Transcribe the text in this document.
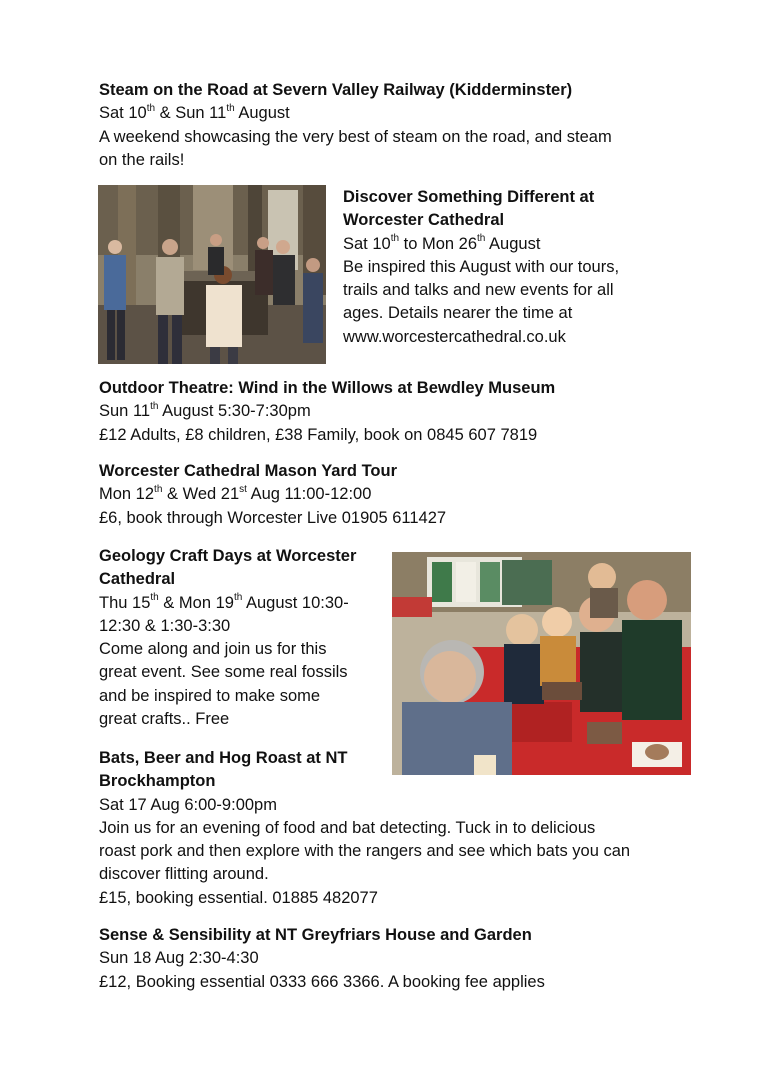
Steam on the Road at Severn Valley Railway (Kidderminster)
Sat 10th & Sun 11th August
A weekend showcasing the very best of steam on the road, and steam
on the rails!
Discover Something Different at
Worcester Cathedral
Sat 10th to Mon 26th August
Be inspired this August with our tours,
trails and talks and new events for all
ages. Details nearer the time at
www.worcestercathedral.co.uk
Outdoor Theatre: Wind in the Willows at Bewdley Museum
Sun 11th August 5:30-7:30pm
£12 Adults, £8 children, £38 Family, book on 0845 607 7819
Worcester Cathedral Mason Yard Tour
Mon 12th & Wed 21st Aug 11:00-12:00
£6, book through Worcester Live 01905 611427
Geology Craft Days at Worcester
Cathedral
Thu 15th & Mon 19th August 10:30-
12:30 & 1:30-3:30
Come along and join us for this
great event. See some real fossils
and be inspired to make some
great crafts.. Free
Bats, Beer and Hog Roast at NT
Brockhampton
Sat 17 Aug 6:00-9:00pm
Join us for an evening of food and bat detecting. Tuck in to delicious
roast pork and then explore with the rangers and see which bats you can
discover flitting around.
£15, booking essential. 01885 482077
Sense & Sensibility at NT Greyfriars House and Garden
Sun 18 Aug 2:30-4:30
£12, Booking essential 0333 666 3366. A booking fee applies
